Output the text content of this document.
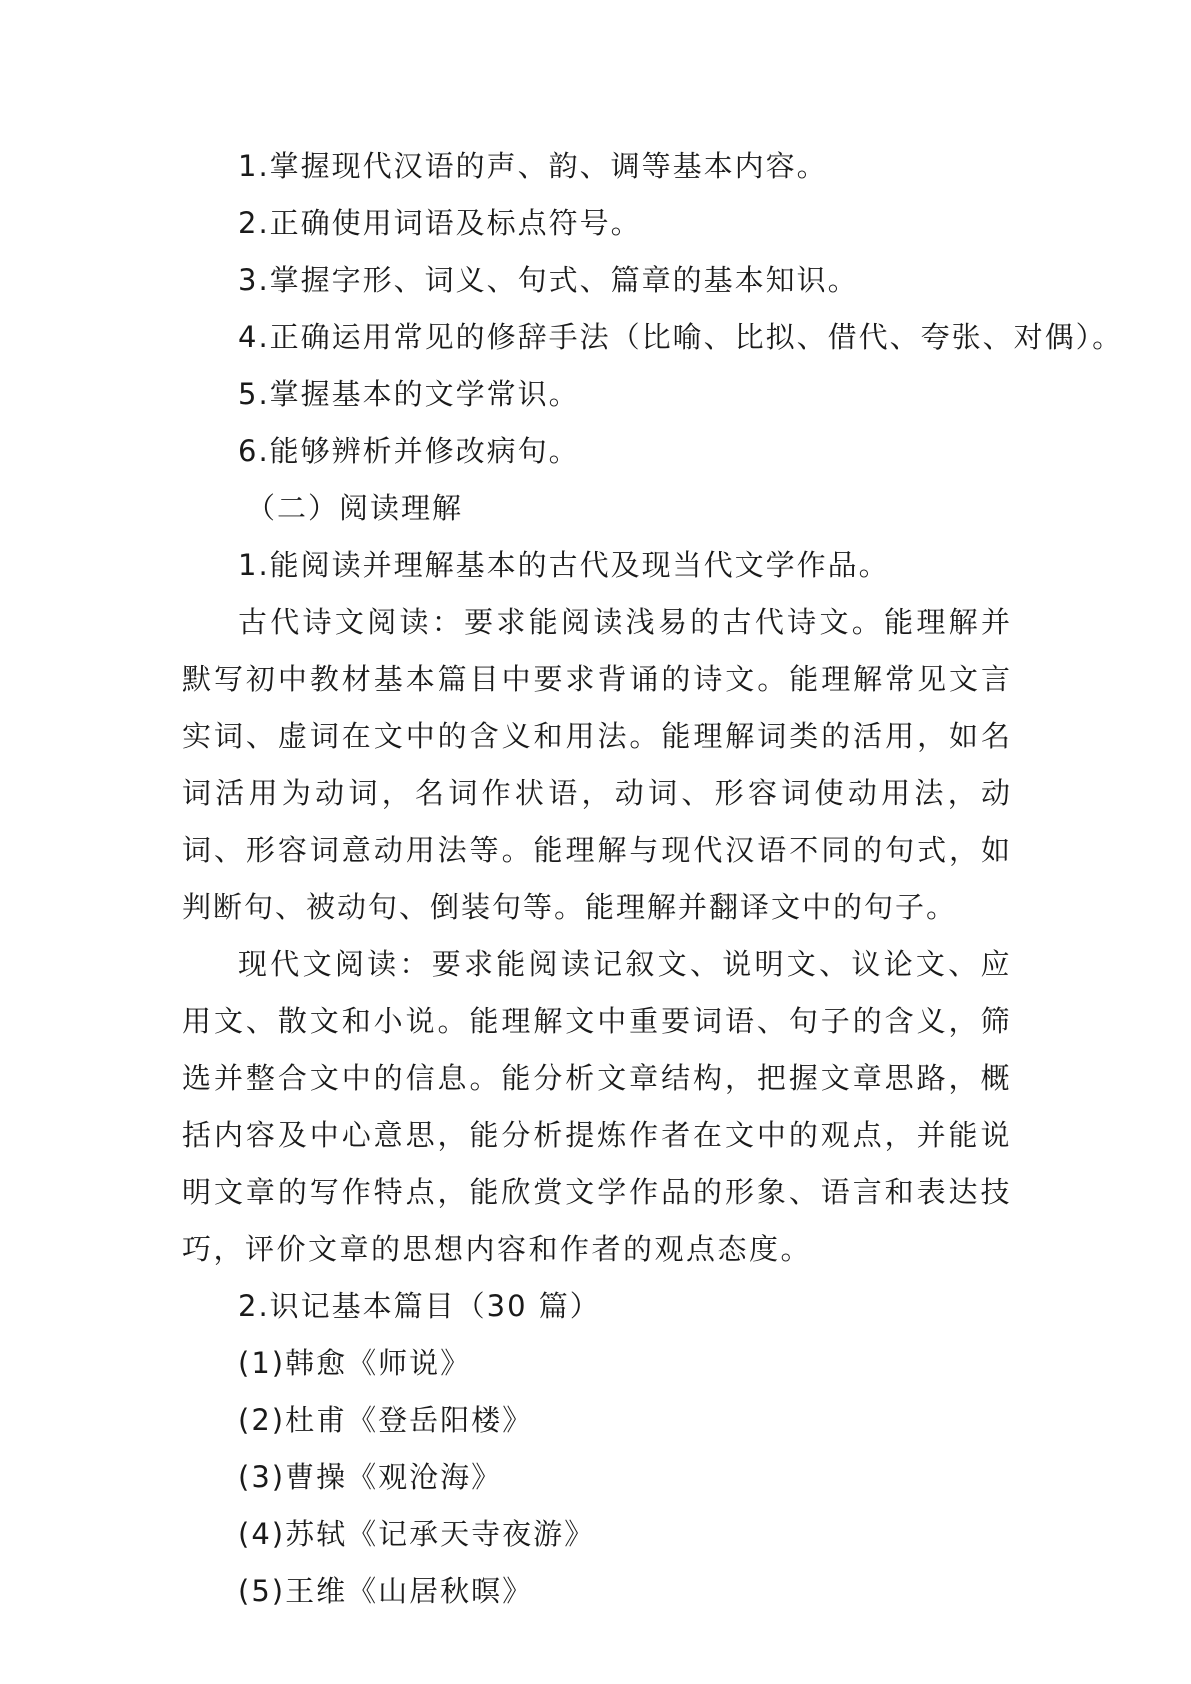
1.掌握现代汉语的声、韵、调等基本内容。
2.正确使用词语及标点符号。
3.掌握字形、词义、句式、篇章的基本知识。
4.正确运用常见的修辞手法（比喻、比拟、借代、夸张、对偶）。
5.掌握基本的文学常识。
6.能够辨析并修改病句。
（二）阅读理解
1.能阅读并理解基本的古代及现当代文学作品。

古代诗文阅读：要求能阅读浅易的古代诗文。能理解并默写初中教材基本篇目中要求背诵的诗文。能理解常见文言实词、虚词在文中的含义和用法。能理解词类的活用，如名词活用为动词，名词作状语，动词、形容词使动用法，动词、形容词意动用法等。能理解与现代汉语不同的句式，如判断句、被动句、倒装句等。能理解并翻译文中的句子。

现代文阅读：要求能阅读记叙文、说明文、议论文、应用文、散文和小说。能理解文中重要词语、句子的含义，筛选并整合文中的信息。能分析文章结构，把握文章思路，概括内容及中心意思，能分析提炼作者在文中的观点，并能说明文章的写作特点，能欣赏文学作品的形象、语言和表达技巧，评价文章的思想内容和作者的观点态度。

2.识记基本篇目（30 篇）
(1)韩愈《师说》
(2)杜甫《登岳阳楼》
(3)曹操《观沧海》
(4)苏轼《记承天寺夜游》
(5)王维《山居秋暝》
